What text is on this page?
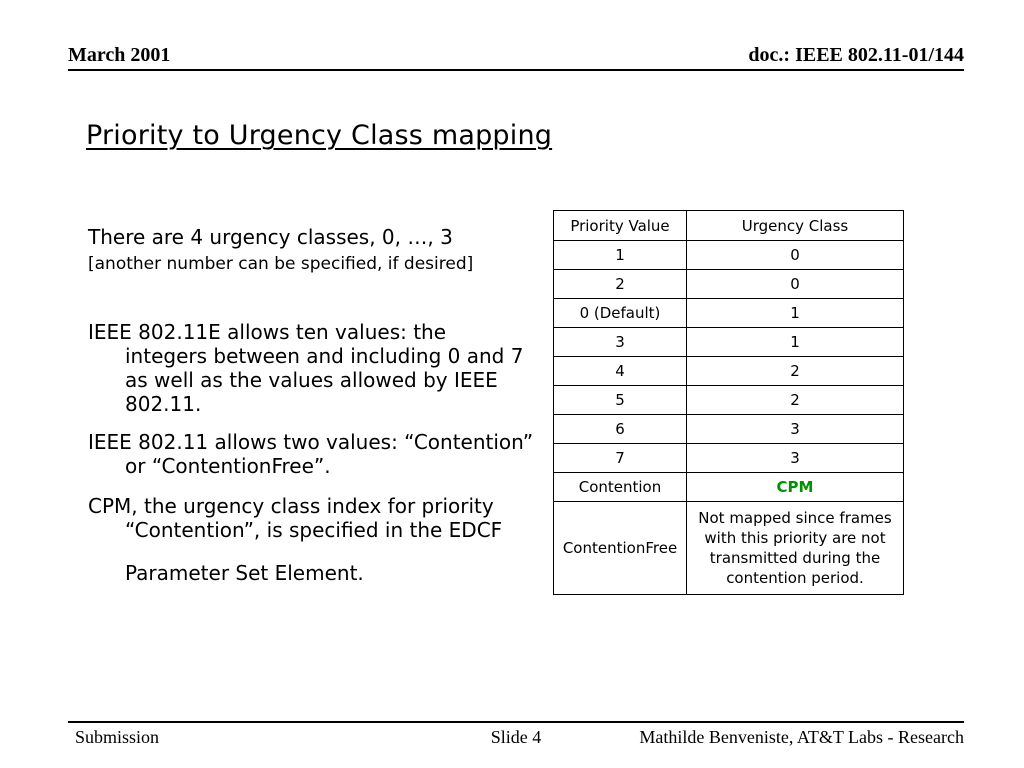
March 2001	doc.: IEEE 802.11-01/144
Priority to Urgency Class mapping
There are 4 urgency classes, 0, …, 3
[another number can be specified, if desired]
IEEE 802.11E allows ten values: the
integers between and including 0 and 7
as well as the values allowed by IEEE
802.11.
IEEE 802.11 allows two values: “Contention”
or “ContentionFree”.
CPM, the urgency class index for priority
“Contention”, is specified in the EDCF
Parameter Set Element.
Priority Value	Urgency Class
1	0
2	0
0 (Default)	1
3	1
4	2
5	2
6	3
7	3
Contention	CPM
ContentionFree	Not mapped since frames with this priority are not transmitted during the contention period.
Submission	Slide 4	Mathilde Benveniste, AT&T Labs - Research
